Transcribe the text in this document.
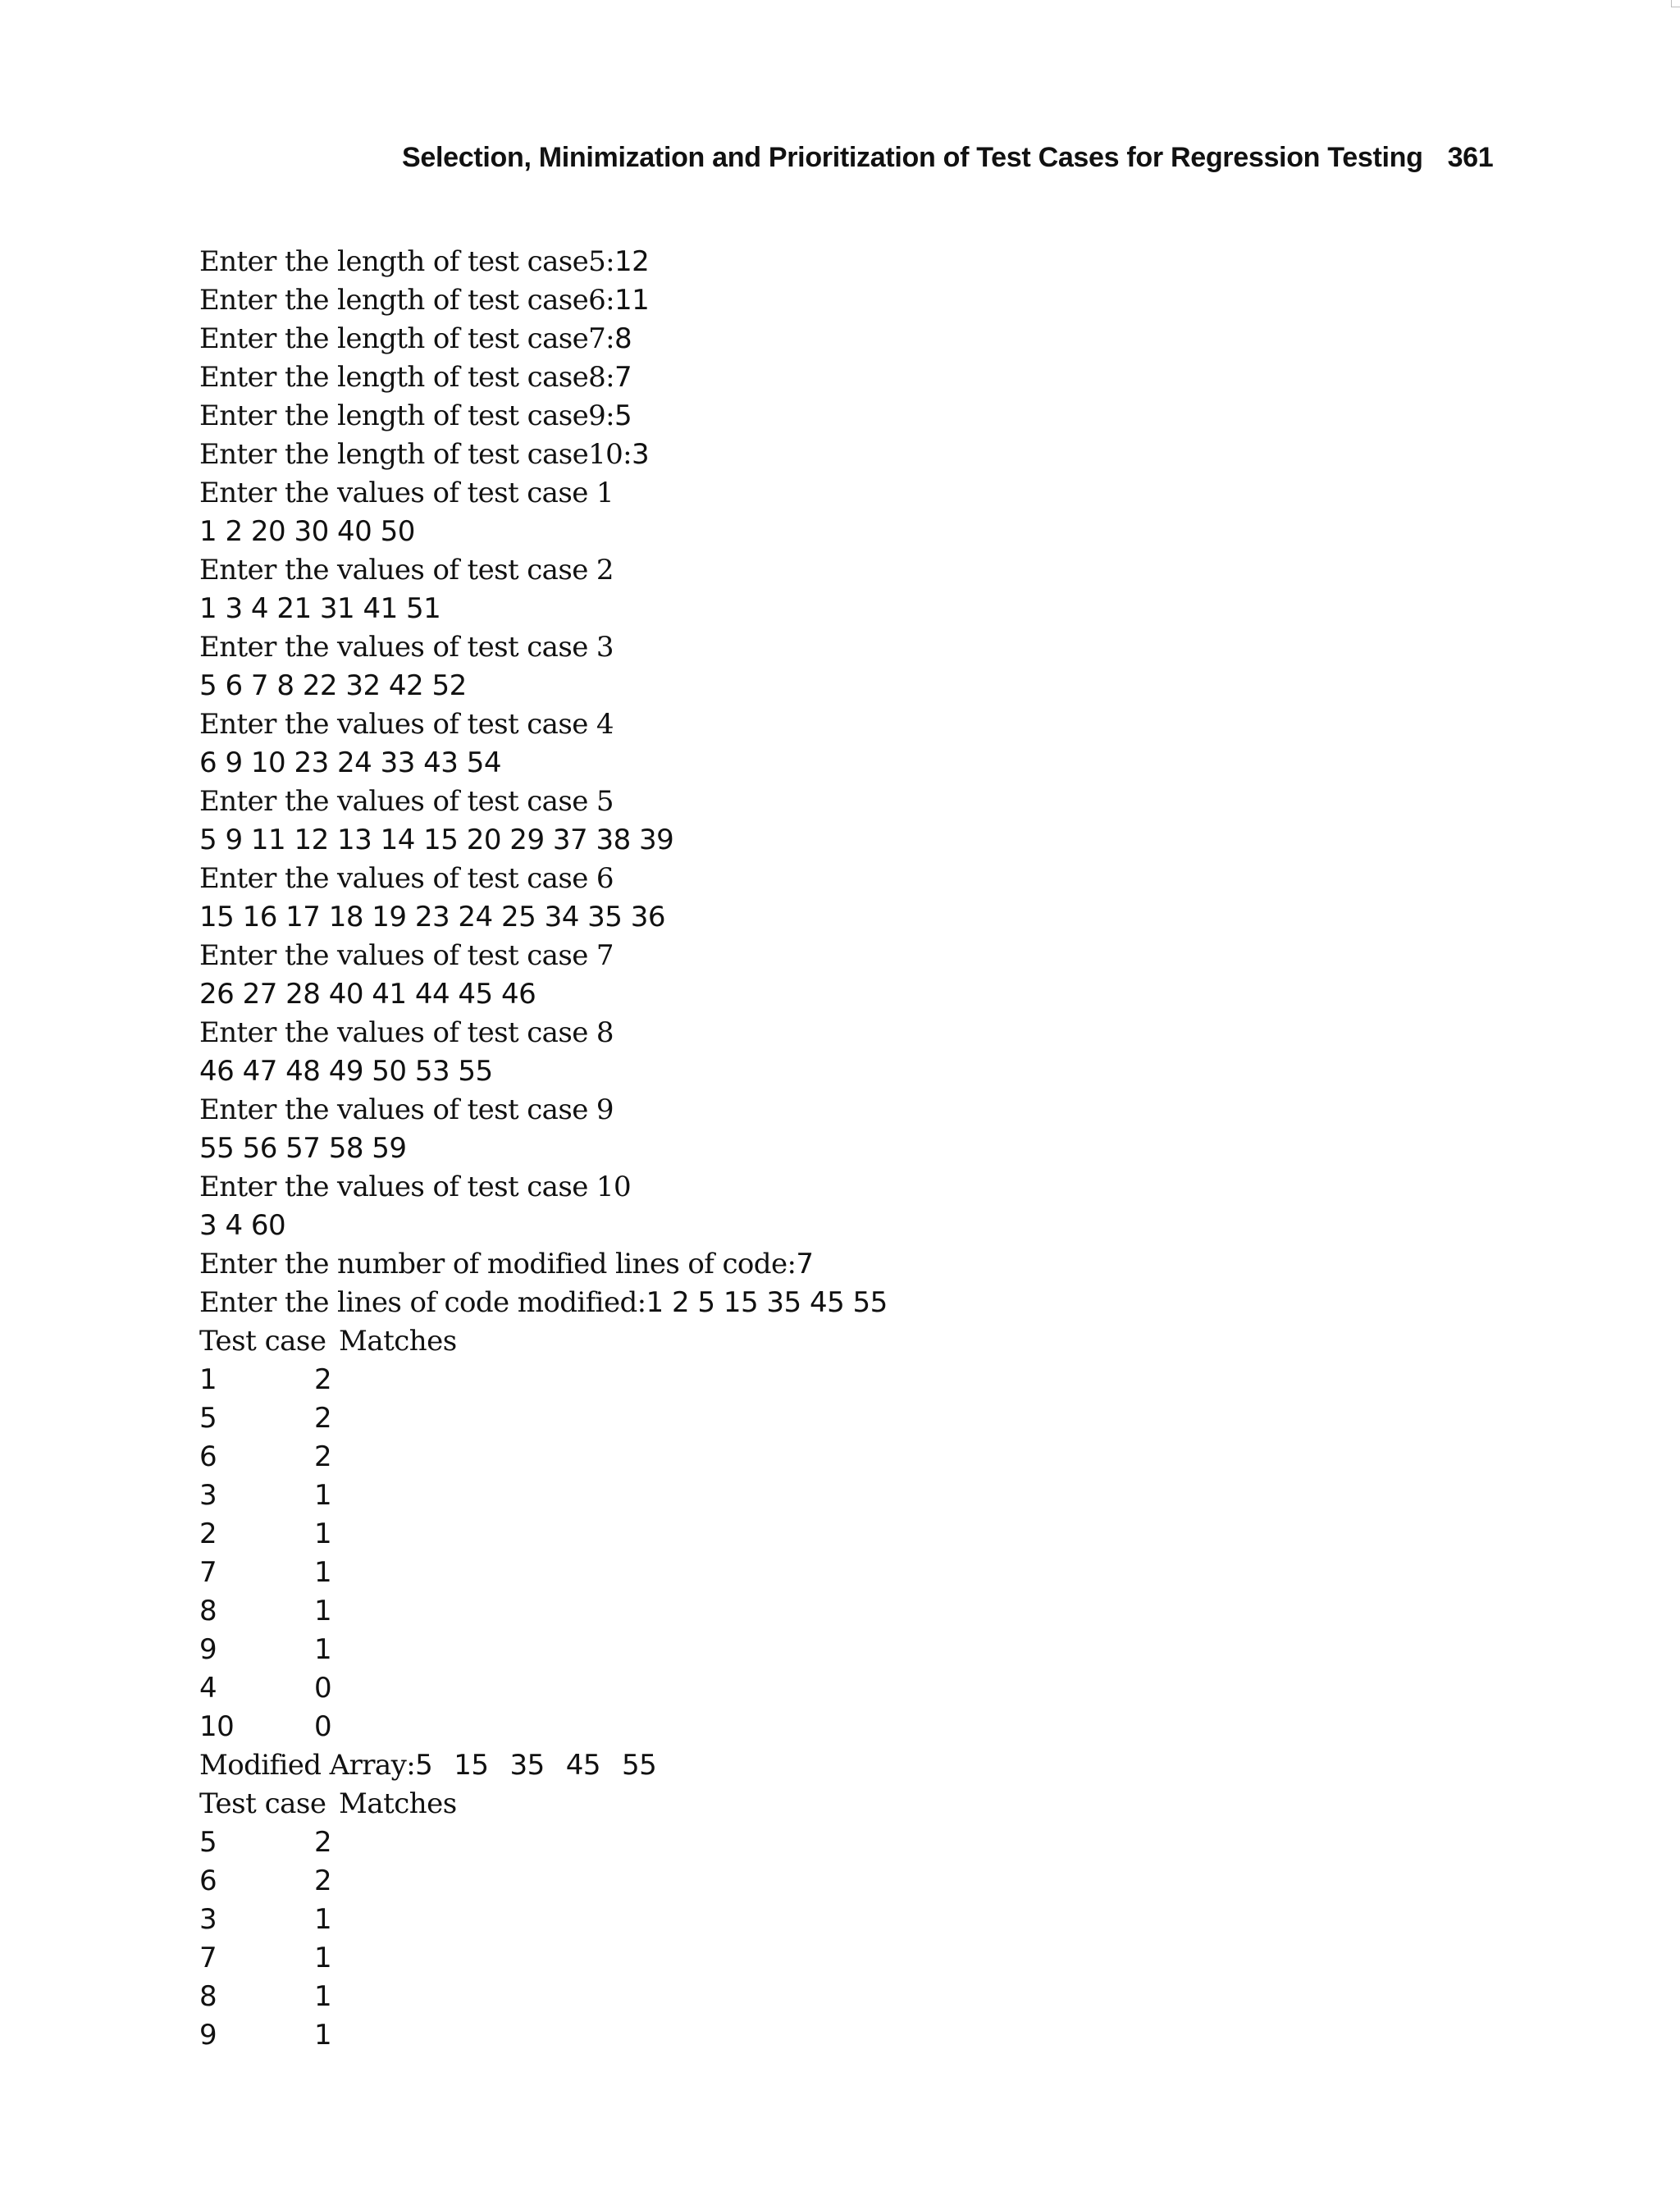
Selection, Minimization and Prioritization of Test Cases for Regression Testing 361
Enter the length of test case5:12
Enter the length of test case6:11
Enter the length of test case7:8
Enter the length of test case8:7
Enter the length of test case9:5
Enter the length of test case10:3
Enter the values of test case 1
1 2 20 30 40 50
Enter the values of test case 2
1 3 4 21 31 41 51
Enter the values of test case 3
5 6 7 8 22 32 42 52
Enter the values of test case 4
6 9 10 23 24 33 43 54
Enter the values of test case 5
5 9 11 12 13 14 15 20 29 37 38 39
Enter the values of test case 6
15 16 17 18 19 23 24 25 34 35 36
Enter the values of test case 7
26 27 28 40 41 44 45 46
Enter the values of test case 8
46 47 48 49 50 53 55
Enter the values of test case 9
55 56 57 58 59
Enter the values of test case 10
3 4 60
Enter the number of modified lines of code:7
Enter the lines of code modified:1 2 5 15 35 45 55
Test case Matches
1	2
5	2
6	2
3	1
2	1
7	1
8	1
9	1
4	0
10	0
Modified Array:5 15 35 45 55
Test case Matches
5	2
6	2
3	1
7	1
8	1
9	1
